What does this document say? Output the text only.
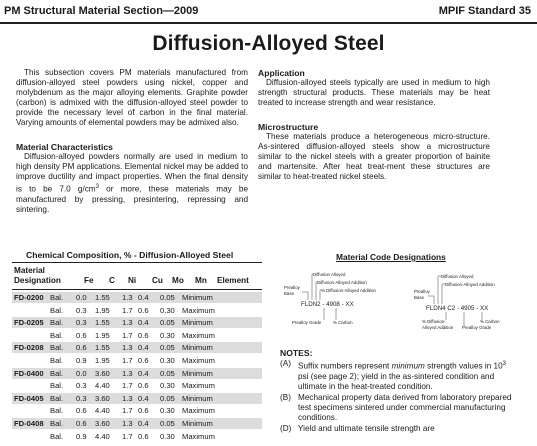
PM Structural Material Section—2009	MPIF Standard 35
Diffusion-Alloyed Steel

This subsection covers PM materials manufactured from diffusion-alloyed steel powders using nickel, copper and molybdenum as the major alloying elements. Graphite powder (carbon) is admixed with the diffusion-alloyed steel powder to provide the necessary level of carbon in the final material. Varying amounts of elemental powders may be admixed also.

Material Characteristics

Diffusion-alloyed powders normally are used in medium to high density PM applications. Elemental nickel may be added to improve ductility and impact properties. When the final density is to be 7.0 $g/cm^3$ or more, these materials may be manufactured by pressing, presintering, repressing and sintering.

Application

Diffusion-alloyed steels typically are used in medium to high strength structural products. These materials may be heat treated to increase strength and wear resistance.

Microstructure

These materials produce a heterogeneous micro-structure. As-sintered diffusion-alloyed steels show a microstructure similar to the nickel steels with a greater proportion of bainite and martensite. After heat treat-ment these structures are similar to heat-treated nickel steels.

Chemical Composition, % - Diffusion-Alloyed Steel
Material
Designation	Fe C Ni Cu Mo Mn Element
FD-0200 Bal. 0.0 1.55 1.3 0.4 0.05 Minimum
Bal. 0.3 1.95 1.7 0.6 0.30 Maximum
FD-0205 Bal. 0.3 1.55 1.3 0.4 0.05 Minimum
Bal. 0.6 1.95 1.7 0.6 0.30 Maximum
FD-0208 Bal. 0.6 1.55 1.3 0.4 0.05 Minimum
Bal. 0.9 1.95 1.7 0.6 0.30 Maximum
FD-0400 Bal. 0.0 3.60 1.3 0.4 0.05 Minimum
Bal. 0.3 4.40 1.7 0.6 0.30 Maximum
FD-0405 Bal. 0.3 3.60 1.3 0.4 0.05 Minimum
Bal. 0.6 4.40 1.7 0.6 0.30 Maximum
FD-0408 Bal. 0.6 3.60 1.3 0.4 0.05 Minimum
Bal. 0.9 4.40 1.7 0.6 0.30 Maximum
Material Code Designations
Prealloy
Base
Diffusion Alloyed
Diffusion-Alloyed Addition
% Diffusion-Alloyed Addition
FLDN2 - 4908 - XX
Prealloy Grade	% Carbon
Prealloy
Base
Diffusion Alloyed
Diffusion-Alloyed Addition
FLDN4 C2 - 4905 - XX
% Diffusion-
Alloyed Addition Prealloy Grade
% Carbon
NOTES:
(A) Suffix numbers represent minimum strength values in $10^3$ psi (see page 2); yield in the as-sintered condition and ultimate in the heat-treated condition.
(B) Mechanical property data derived from laboratory prepared test specimens sintered under commercial manufacturing conditions.
(D) Yield and ultimate tensile strength are
